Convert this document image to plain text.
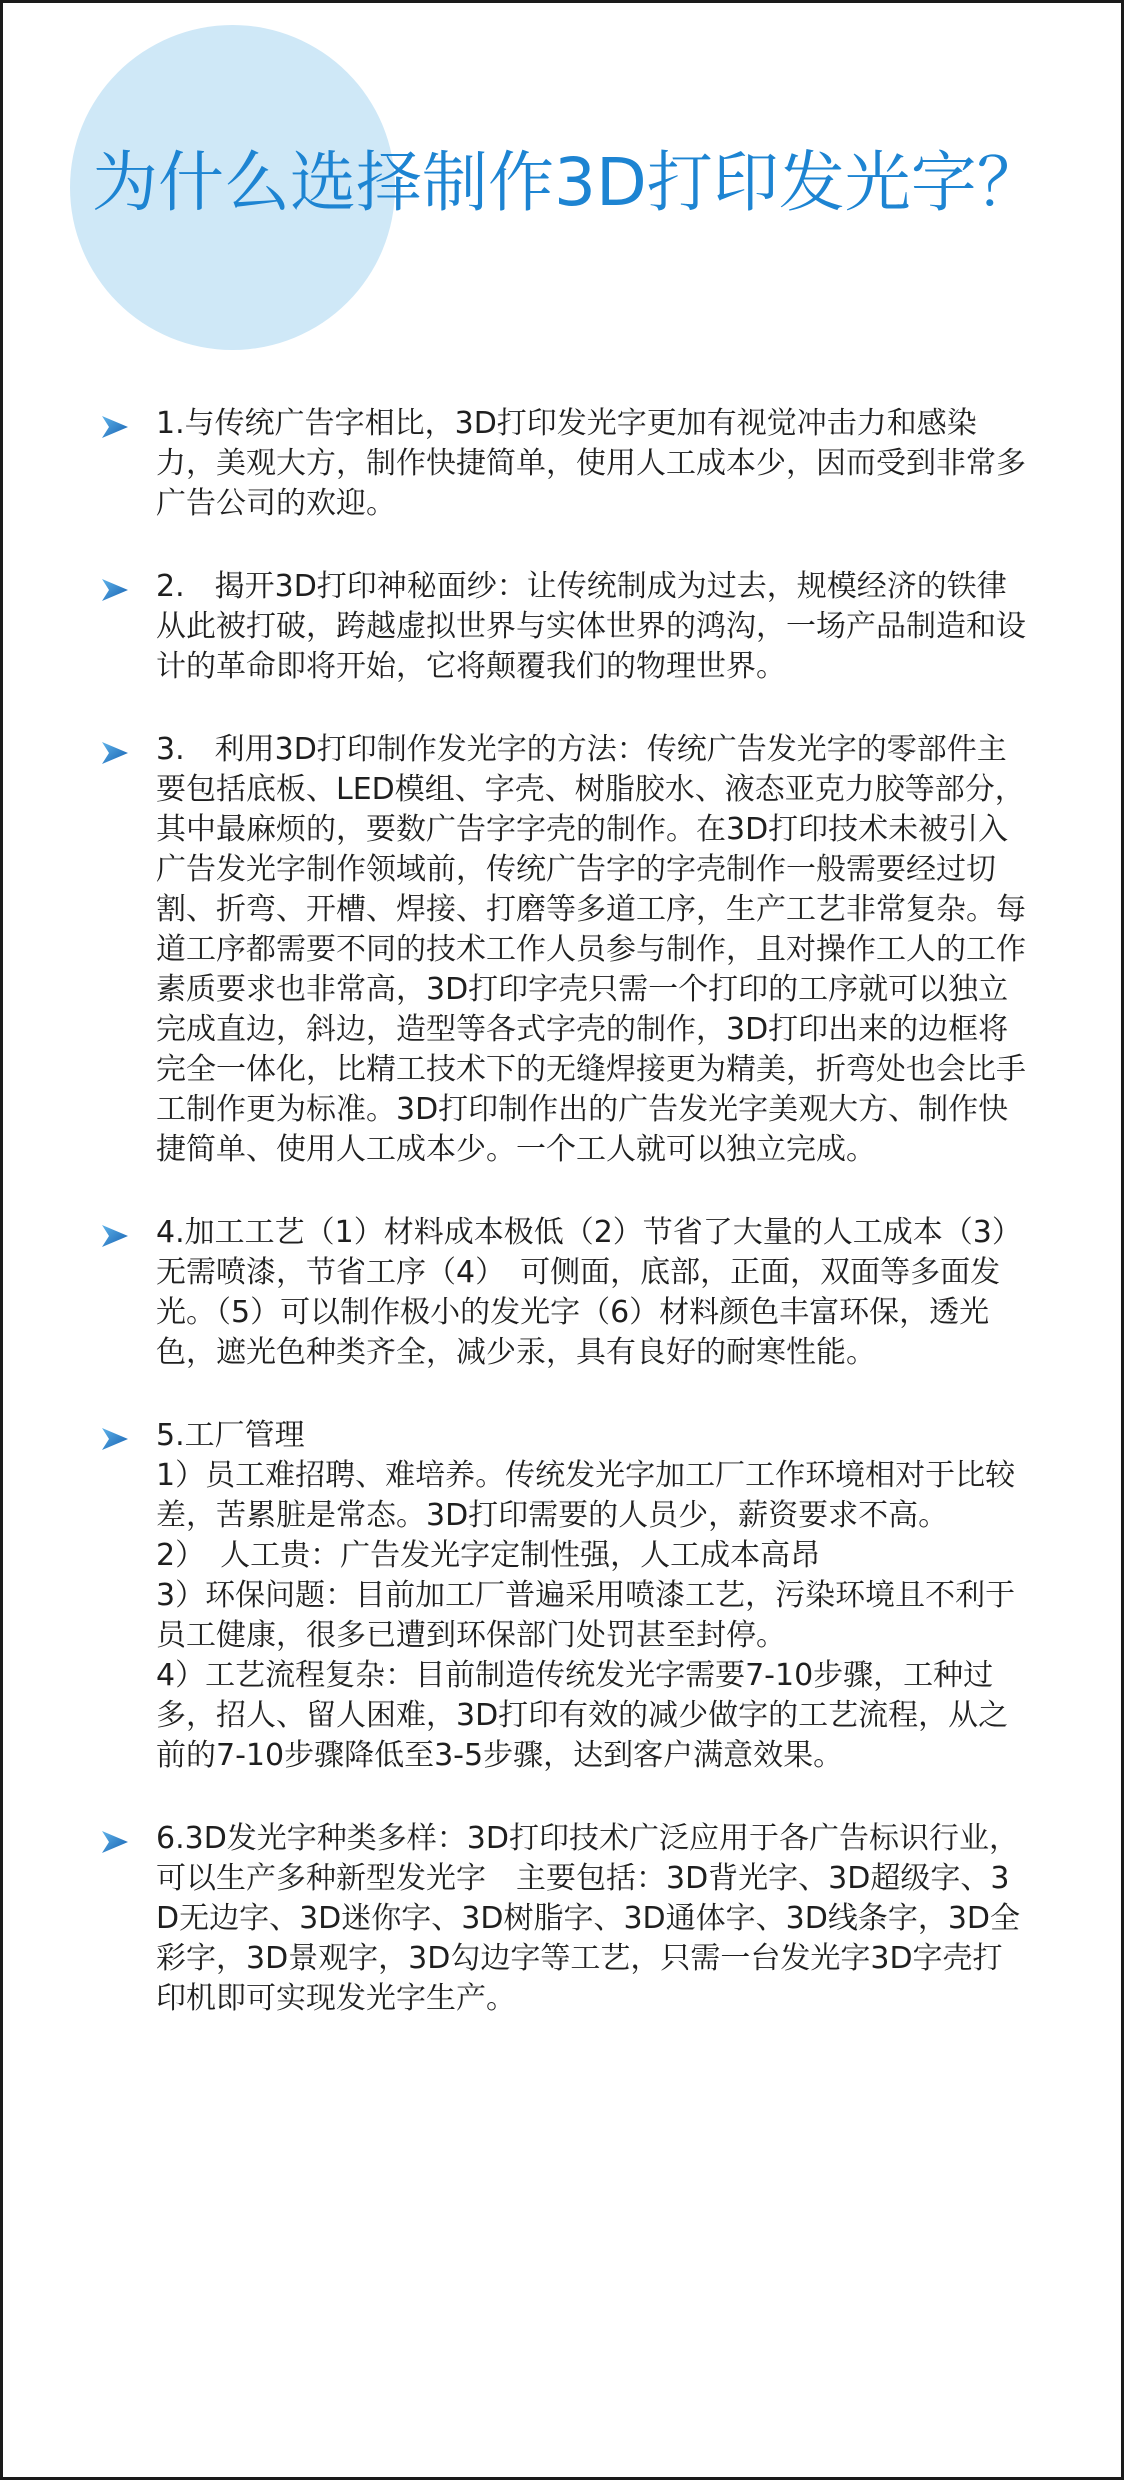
为什么选择制作3D打印发光字？
1.与传统广告字相比，3D打印发光字更加有视觉冲击力和感染力，美观大方，制作快捷简单，使用人工成本少，因而受到非常多广告公司的欢迎。
2.　揭开3D打印神秘面纱：让传统制成为过去，规模经济的铁律从此被打破，跨越虚拟世界与实体世界的鸿沟，一场产品制造和设计的革命即将开始，它将颠覆我们的物理世界。
3.　利用3D打印制作发光字的方法：传统广告发光字的零部件主要包括底板、LED模组、字壳、树脂胶水、液态亚克力胶等部分，其中最麻烦的，要数广告字字壳的制作。在3D打印技术未被引入广告发光字制作领域前，传统广告字的字壳制作一般需要经过切割、折弯、开槽、焊接、打磨等多道工序，生产工艺非常复杂。每道工序都需要不同的技术工作人员参与制作，且对操作工人的工作素质要求也非常高，3D打印字壳只需一个打印的工序就可以独立完成直边，斜边，造型等各式字壳的制作，3D打印出来的边框将完全一体化，比精工技术下的无缝焊接更为精美，折弯处也会比手工制作更为标准。3D打印制作出的广告发光字美观大方、制作快捷简单、使用人工成本少。一个工人就可以独立完成。
4.加工工艺（1）材料成本极低（2）节省了大量的人工成本（3）无需喷漆，节省工序（4）　可侧面，底部，正面，双面等多面发光。（5）可以制作极小的发光字（6）材料颜色丰富环保，透光色，遮光色种类齐全，减少汞，具有良好的耐寒性能。
5.工厂管理
1）员工难招聘、难培养。传统发光字加工厂工作环境相对于比较差，苦累脏是常态。3D打印需要的人员少，薪资要求不高。
2）　人工贵：广告发光字定制性强，人工成本高昂
3）环保问题：目前加工厂普遍采用喷漆工艺，污染环境且不利于员工健康，很多已遭到环保部门处罚甚至封停。
4）工艺流程复杂：目前制造传统发光字需要7-10步骤，工种过多，招人、留人困难，3D打印有效的减少做字的工艺流程，从之前的7-10步骤降低至3-5步骤，达到客户满意效果。
6.3D发光字种类多样：3D打印技术广泛应用于各广告标识行业，可以生产多种新型发光字　主要包括：3D背光字、3D超级字、3D无边字、3D迷你字、3D树脂字、3D通体字、3D线条字，3D全彩字，3D景观字，3D勾边字等工艺，只需一台发光字3D字壳打印机即可实现发光字生产。
